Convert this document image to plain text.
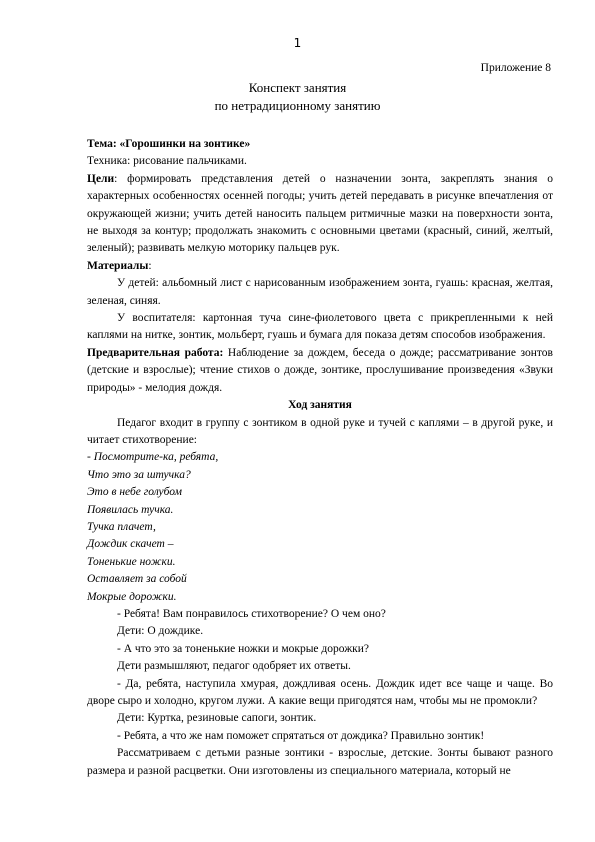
1
Приложение 8
Конспект занятия
по нетрадиционному занятию

Тема: «Горошинки на зонтике»

Техника: рисование пальчиками.

Цели: формировать представления детей о назначении зонта, закреплять знания о характерных особенностях осенней погоды; учить детей передавать в рисунке впечатления от окружающей жизни; учить детей наносить пальцем ритмичные мазки на поверхности зонта, не выходя за контур; продолжать знакомить с основными цветами (красный, синий, желтый, зеленый); развивать мелкую моторику пальцев рук.

Материалы:

У детей: альбомный лист с нарисованным изображением зонта, гуашь: красная, желтая, зеленая, синяя.

У воспитателя: картонная туча сине-фиолетового цвета с прикрепленными к ней каплями на нитке, зонтик, мольберт, гуашь и бумага для показа детям способов изображения.

Предварительная работа: Наблюдение за дождем, беседа о дожде; рассматривание зонтов (детские и взрослые); чтение стихов о дожде, зонтике, прослушивание произведения «Звуки природы» - мелодия дождя.

Ход занятия

Педагог входит в группу с зонтиком в одной руке и тучей с каплями – в другой руке, и читает стихотворение:

- Посмотрите-ка, ребята,

Что это за штучка?

Это в небе голубом

Появилась тучка.

Тучка плачет,

Дождик скачет –

Тоненькие ножки.

Оставляет за собой

Мокрые дорожки.

- Ребята! Вам понравилось стихотворение? О чем оно?

Дети: О дождике.

- А что это за тоненькие ножки и мокрые дорожки?

Дети размышляют, педагог одобряет их ответы.

- Да, ребята, наступила хмурая, дождливая осень. Дождик идет все чаще и чаще. Во дворе сыро и холодно, кругом лужи. А какие вещи пригодятся нам, чтобы мы не промокли?

Дети: Куртка, резиновые сапоги, зонтик.

- Ребята, а что же нам поможет спрятаться от дождика? Правильно зонтик!

Рассматриваем с детьми разные зонтики - взрослые, детские. Зонты бывают разного размера и разной расцветки. Они изготовлены из специального материала, который не
